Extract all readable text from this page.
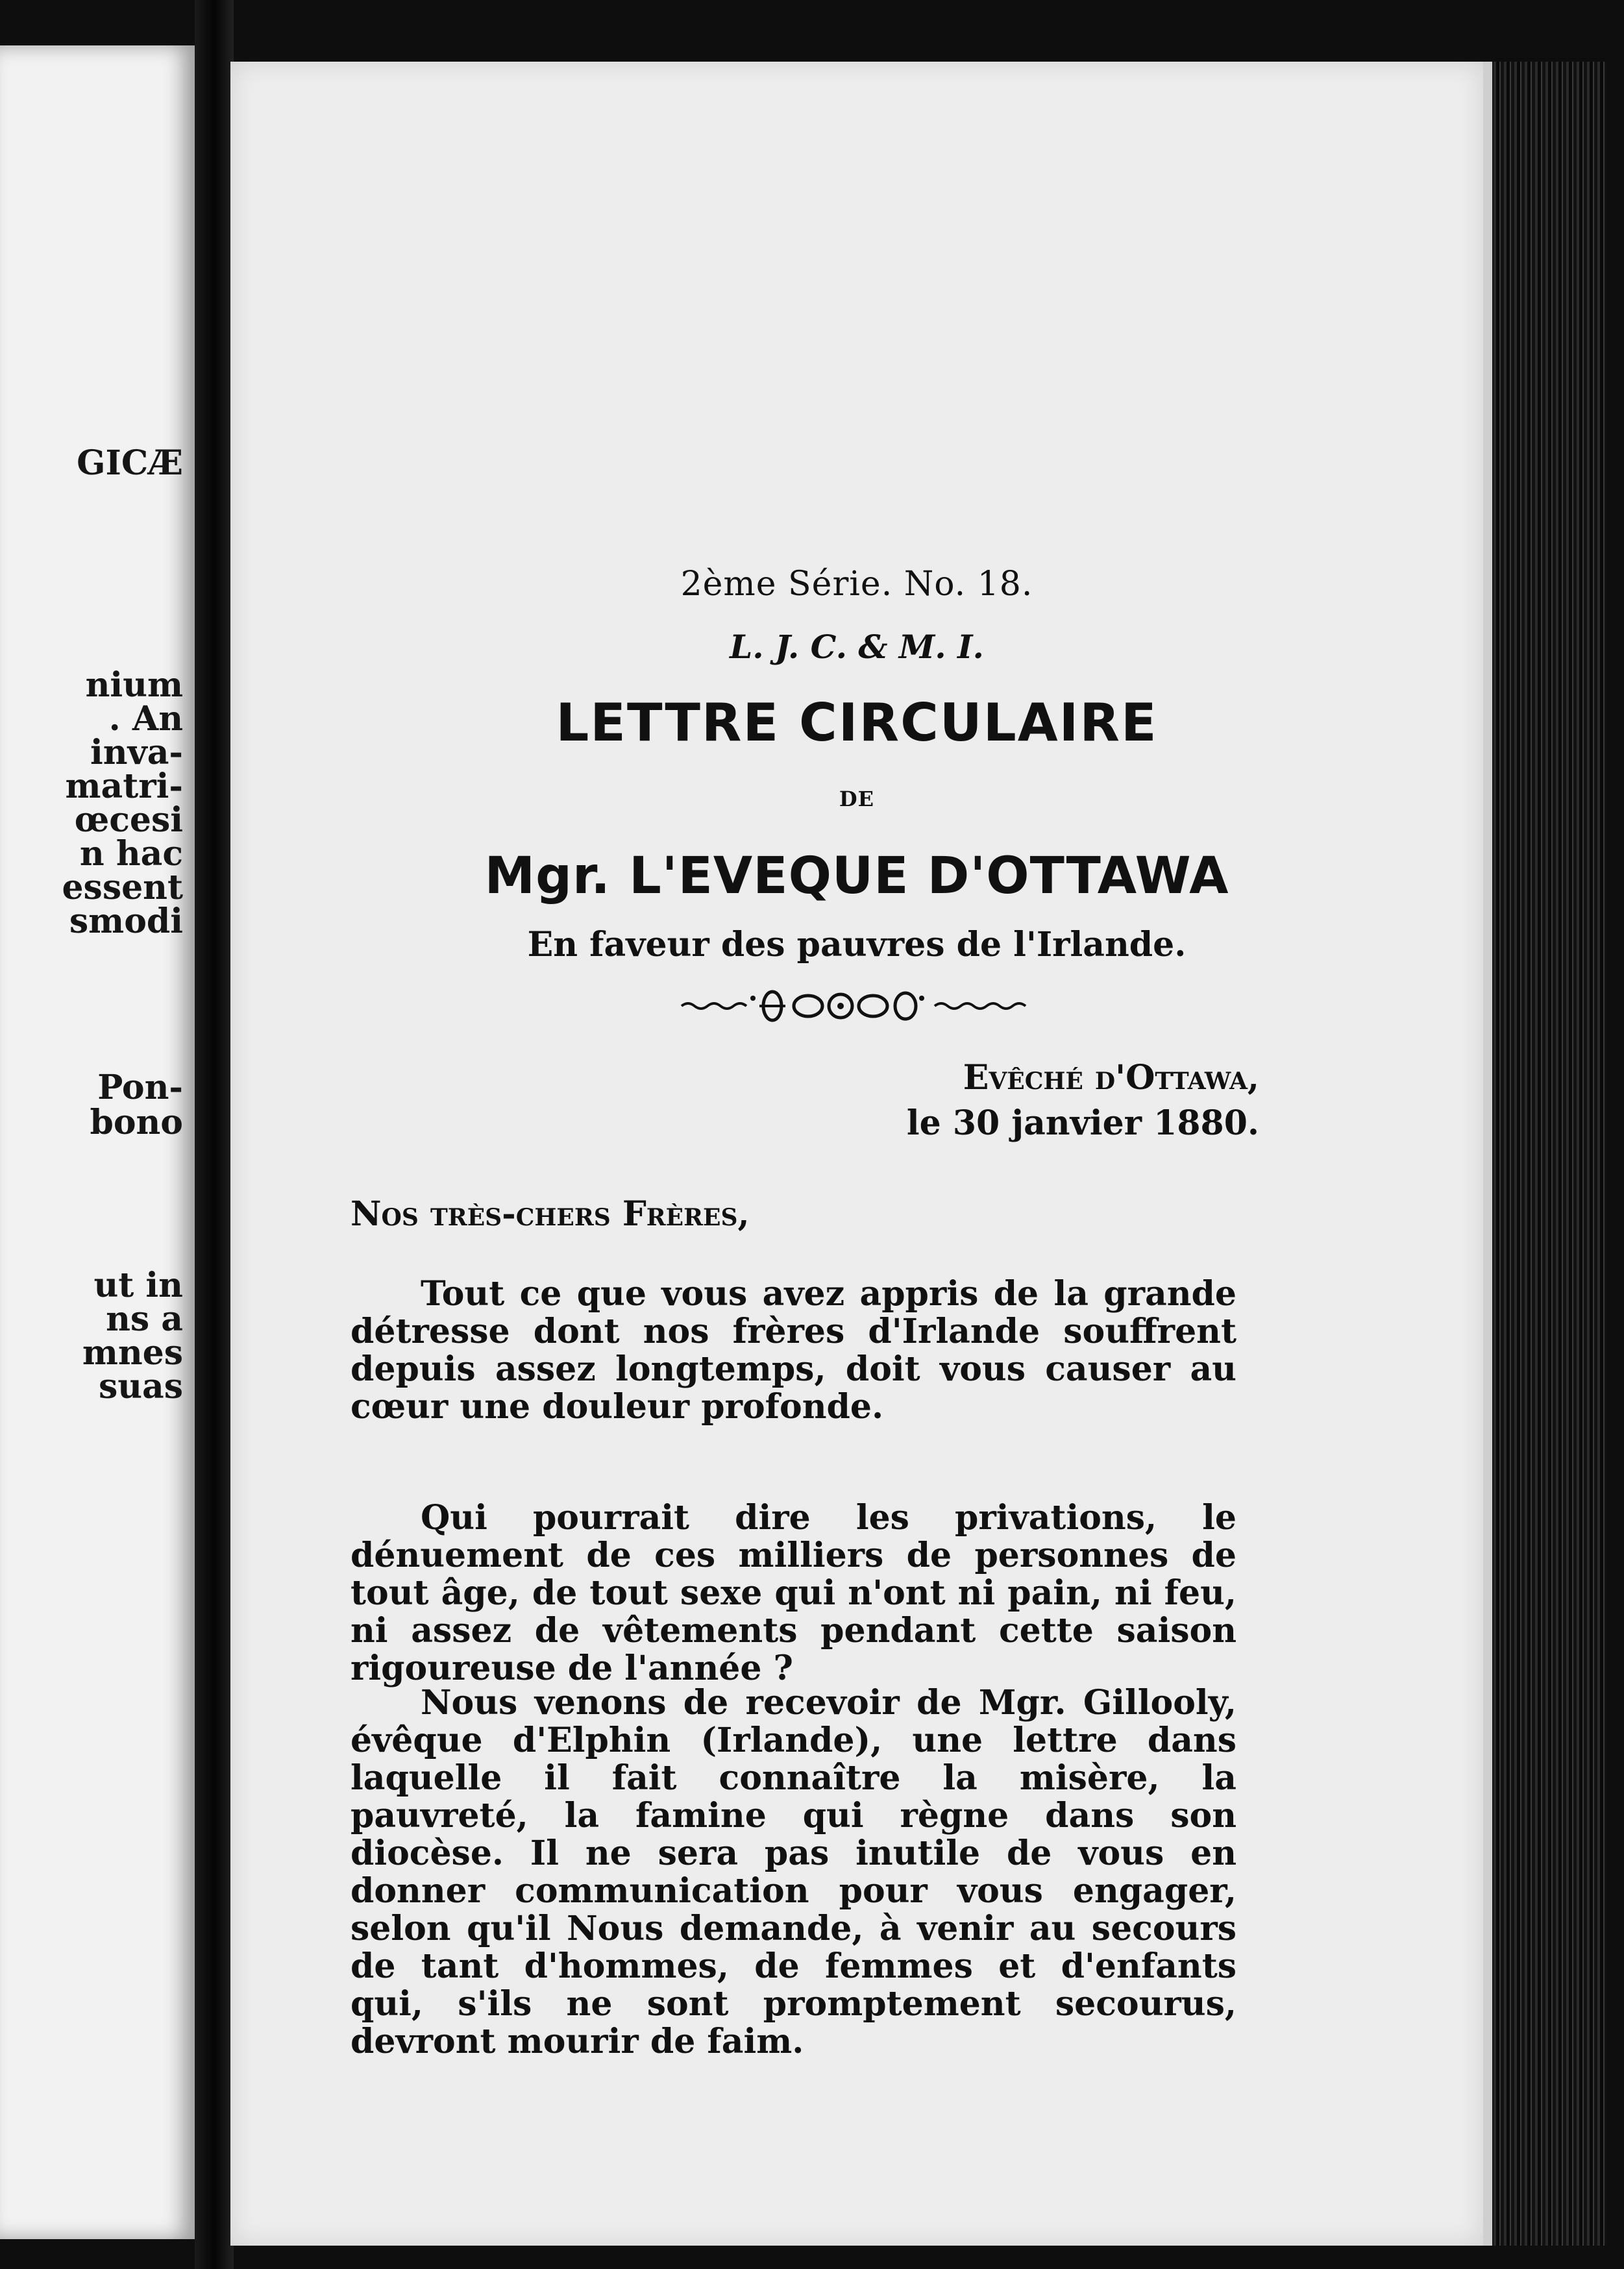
GICÆ
nium
. An
inva-
matri-
œcesi
n hac
essent
smodi
Pon-
bono
ut in
ns a
mnes
suas
2ème Série. No. 18.
L. J. C. & M. I.
LETTRE CIRCULAIRE
DE
Mgr. L'EVEQUE D'OTTAWA
En faveur des pauvres de l'Irlande.
Evêché d'Ottawa,
le 30 janvier 1880.
Nos très-chers Frères,

Tout ce que vous avez appris de la grande détresse dont nos frères d'Irlande souffrent depuis assez longtemps, doit vous causer au cœur une douleur profonde.

Qui pourrait dire les privations, le dénuement de ces milliers de personnes de tout âge, de tout sexe qui n'ont ni pain, ni feu, ni assez de vêtements pendant cette saison rigoureuse de l'année ?

Nous venons de recevoir de Mgr. Gillooly, évêque d'Elphin (Irlande), une lettre dans laquelle il fait connaître la misère, la pauvreté, la famine qui règne dans son diocèse. Il ne sera pas inutile de vous en donner communication pour vous engager, selon qu'il Nous demande, à venir au secours de tant d'hommes, de femmes et d'enfants qui, s'ils ne sont promptement secourus, devront mourir de faim.
